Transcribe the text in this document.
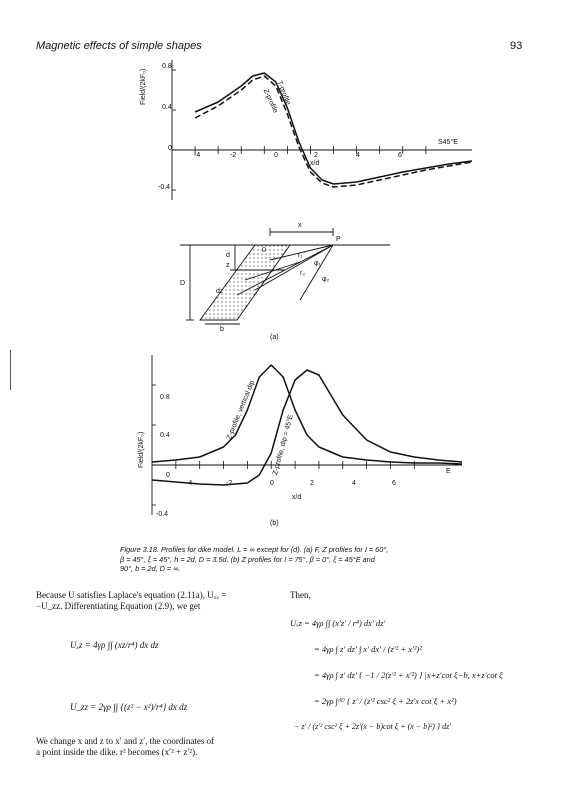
Magnetic effects of simple shapes	93
Field/(2kF₀)
x/d
S45°E
T-profile
Z-profile
0.8
0.4
0
-0.4
-4	-2	0	2	4	6
x
d
z
D
dz
b
0
r₁
r₂
φ₁
φ₂
P
(a)
Field/(2kF₀)
x/d
E
Z-profile, vertical dip
Z-profile, dip = 45°E
0.8
0.4
0
-0.4
-4	-2	0	2	4	6
(b)
Figure 3.18. Profiles for dike model. L = ∞ except for (d). (a) F, Z profiles for I = 60°,
β = 45°, ξ = 45°, h = 2d, D = 3.5d. (b) Z profiles for I = 75°, β = 0°, ξ = 45°E and
90°, b = 2d, D = ∞.
Because U satisfies Laplace's equation (2.11a), Uₓₓ =
−U_zz. Differentiating Equation (2.9), we get
Uₓz = 4γρ ∫∫ (xz/r⁴) dx dz
U_zz = 2γρ ∫∫ {(z² − x²)/r⁴} dx dz
We change x and z to x′ and z′, the coordinates of
a point inside the dike. r² becomes (x′² + z′²).
Then,
Uₓz = 4γρ ∫∫ (x′z′ / r⁴) dx′ dz′
= 4γρ ∫ z′ dz′ ∫ x′ dx′ / (z′² + x′²)²
= 4γρ ∫ z′ dz′ { −1 / 2(z′² + x′²) } |x+z′cot ξ−b, x+z′cot ξ
= 2γρ ∫ᵈᴰ { z′ / (z′² csc² ξ + 2z′x cot ξ + x²)
− z′ / (z′² csc² ξ + 2z′(x − b)cot ξ + (x − b)²) } dz′
